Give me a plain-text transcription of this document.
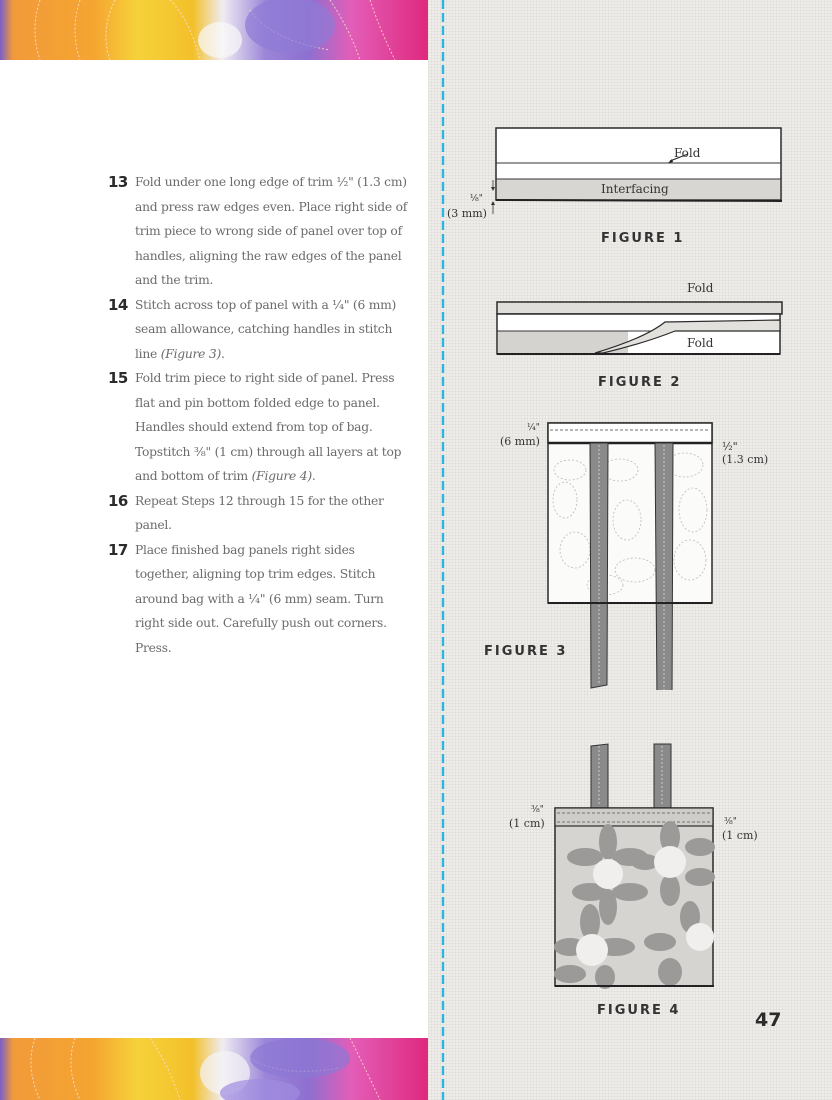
13 Fold under one long edge of trim ½" (1.3 cm) and press raw edges even. Place right side of trim piece to wrong side of panel over top of handles, aligning the raw edges of the panel and the trim.
14 Stitch across top of panel with a ¼" (6 mm) seam allowance, catching handles in stitch line (Figure 3).
15 Fold trim piece to right side of panel. Press flat and pin bottom folded edge to panel. Handles should extend from top of bag. Topstitch ⅜" (1 cm) through all layers at top and bottom of trim (Figure 4).
16 Repeat Steps 12 through 15 for the other panel.
17 Place finished bag panels right sides together, aligning top trim edges. Stitch around bag with a ¼" (6 mm) seam. Turn right side out. Carefully push out corners. Press.
Fold
Interfacing
⅛"
(3 mm)
FIGURE 1
Fold
Fold
FIGURE 2
¼"
(6 mm)	½"
(1.3 cm)
FIGURE 3
⅜"
(1 cm)	⅜"
(1 cm)
FIGURE 4	47
